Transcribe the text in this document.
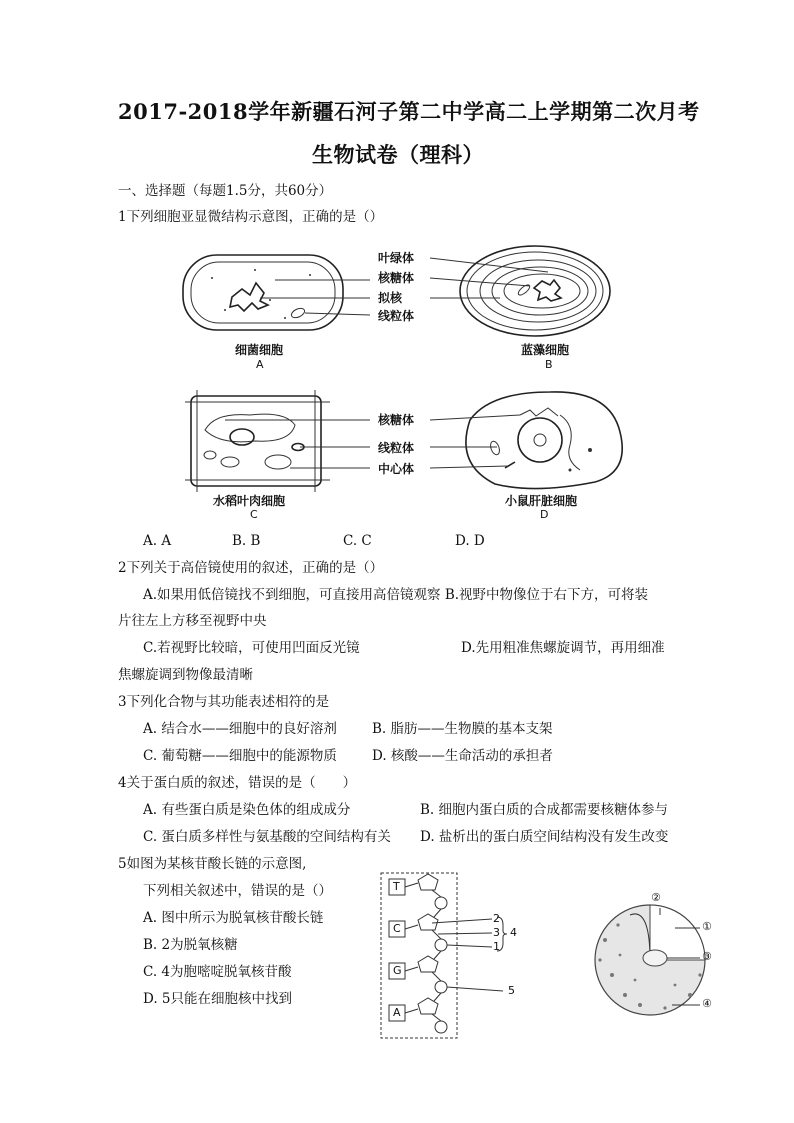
2017-2018学年新疆石河子第二中学高二上学期第二次月考
生物试卷（理科）
一、选择题（每题1.5分，共60分）
1下列细胞亚显微结构示意图，正确的是（）
叶绿体
核糖体
拟核
线粒体
细菌细胞
A
蓝藻细胞
B
核糖体
线粒体
中心体
水稻叶肉细胞
C
小鼠肝脏细胞
D
A. A	B. B	C. C	D. D
2下列关于高倍镜使用的叙述，正确的是（）
A.如果用低倍镜找不到细胞，可直接用高倍镜观察 B.视野中物像位于右下方，可将装
片往左上方移至视野中央
C.若视野比较暗，可使用凹面反光镜	D.先用粗准焦螺旋调节，再用细准
焦螺旋调到物像最清晰
3下列化合物与其功能表述相符的是
A. 结合水——细胞中的良好溶剂	B. 脂肪——生物膜的基本支架
C. 葡萄糖——细胞中的能源物质	D. 核酸——生命活动的承担者
4关于蛋白质的叙述，错误的是（　　）
A. 有些蛋白质是染色体的组成成分	B. 细胞内蛋白质的合成都需要核糖体参与
C. 蛋白质多样性与氨基酸的空间结构有关 D. 盐析出的蛋白质空间结构没有发生改变
5如图为某核苷酸长链的示意图,
下列相关叙述中，错误的是（）
A. 图中所示为脱氧核苷酸长链
B. 2为脱氧核糖
C. 4为胞嘧啶脱氧核苷酸
D. 5只能在细胞核中找到
T
C
G
A
2
3
1
4
5
②
①
③
④
